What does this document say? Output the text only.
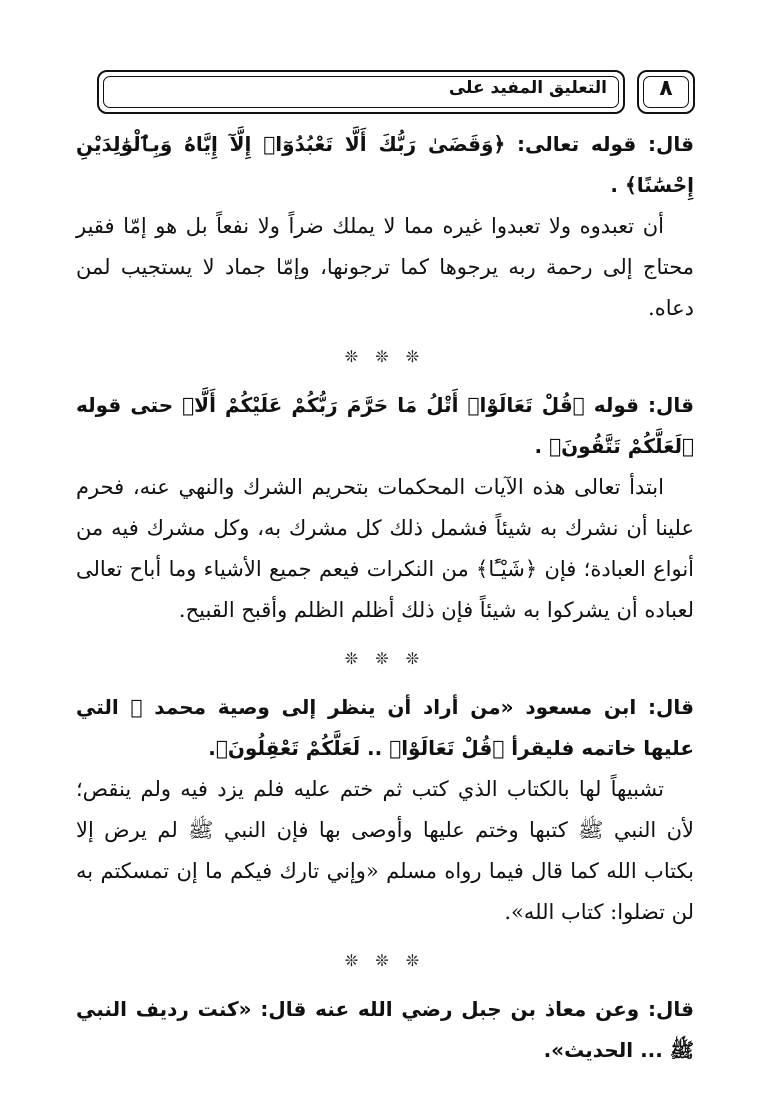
التعليق المفيد على	٨

قال: قوله تعالى: ﴿وَقَضَىٰ رَبُّكَ أَلَّا تَعْبُدُوٓا۟ إِلَّآ إِيَّاهُ وَبِٱلْوَٰلِدَيْنِ إِحْسَٰنًا﴾ .

أن تعبدوه ولا تعبدوا غيره مما لا يملك ضراً ولا نفعاً بل هو إمّا فقير محتاج إلى رحمة ربه يرجوها كما ترجونها، وإمّا جماد لا يستجيب لمن دعاه.

❊ ❊ ❊

قال: قوله ﴿قُلْ تَعَالَوْا۟ أَتْلُ مَا حَرَّمَ رَبُّكُمْ عَلَيْكُمْ أَلَّا﴾ حتى قوله ﴿لَعَلَّكُمْ تَتَّقُونَ﴾ .

ابتدأ تعالى هذه الآيات المحكمات بتحريم الشرك والنهي عنه، فحرم علينا أن نشرك به شيئاً فشمل ذلك كل مشرك به، وكل مشرك فيه من أنواع العبادة؛ فإن ﴿شَيْـًٔا﴾ من النكرات فيعم جميع الأشياء وما أباح تعالى لعباده أن يشركوا به شيئاً فإن ذلك أظلم الظلم وأقبح القبيح.

❊ ❊ ❊

قال: ابن مسعود «من أراد أن ينظر إلى وصية محمد ﷺ التي عليها خاتمه فليقرأ ﴿قُلْ تَعَالَوْا۟ .. لَعَلَّكُمْ تَعْقِلُونَ﴾.

تشبيهاً لها بالكتاب الذي كتب ثم ختم عليه فلم يزد فيه ولم ينقص؛ لأن النبي ﷺ كتبها وختم عليها وأوصى بها فإن النبي ﷺ لم يرض إلا بكتاب الله كما قال فيما رواه مسلم «وإني تارك فيكم ما إن تمسكتم به لن تضلوا: كتاب الله».

❊ ❊ ❊

قال: وعن معاذ بن جبل رضي الله عنه قال: «كنت رديف النبي ﷺ ... الحديث».
